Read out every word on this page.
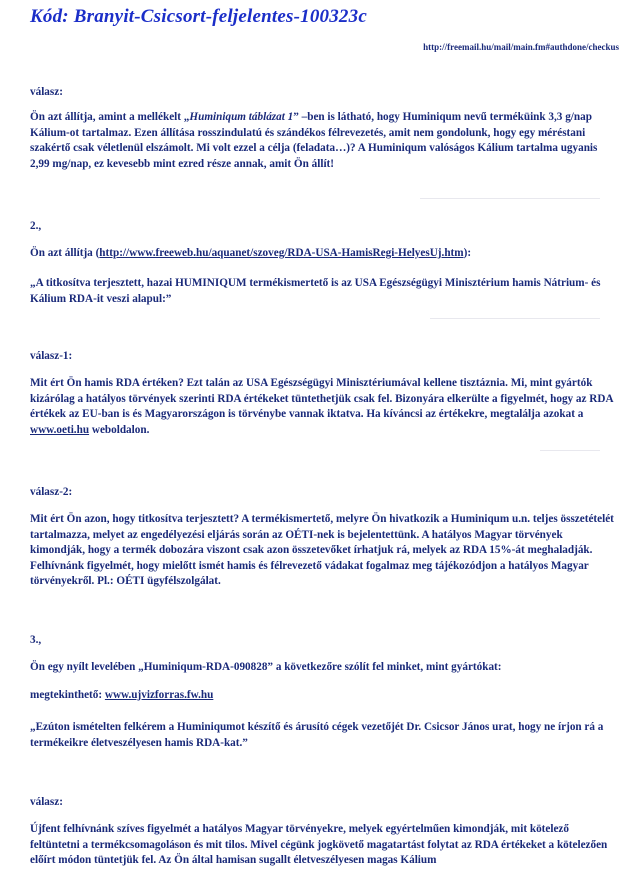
Kód: Branyit-Csicsort-feljelentes-100323c
http://freemail.hu/mail/main.fm#authdone/checkus
válasz:
Ön azt állítja, amint a mellékelt „Huminiqum táblázat 1” –ben is látható, hogy Huminiqum nevű terméküink 3,3 g/nap Kálium-ot tartalmaz. Ezen állítása rosszindulatú és szándékos félrevezetés, amit nem gondolunk, hogy egy méréstani szakértő csak véletlenül elszámolt. Mi volt ezzel a célja (feladata…)? A Huminiqum valóságos Kálium tartalma ugyanis 2,99 mg/nap, ez kevesebb mint ezred része annak, amit Ön állít!
2.,
Ön azt állítja (http://www.freeweb.hu/aquanet/szoveg/RDA-USA-HamisRegi-HelyesUj.htm):
„A titkosítva terjesztett, hazai HUMINIQUM termékismertető is az USA Egészségügyi Minisztérium hamis Nátrium- és Kálium RDA-it veszi alapul:”
válasz-1:
Mit ért Ön hamis RDA értéken? Ezt talán az USA Egészségügyi Minisztériumával kellene tisztáznia. Mi, mint gyártók kizárólag a hatályos törvények szerinti RDA értékeket tüntethetjük csak fel. Bizonyára elkerülte a figyelmét, hogy az RDA értékek az EU-ban is és Magyarországon is törvénybe vannak iktatva. Ha kíváncsi az értékekre, megtalálja azokat a www.oeti.hu weboldalon.
válasz-2:
Mit ért Ön azon, hogy titkosítva terjesztett? A termékismertető, melyre Ön hivatkozik a Huminiqum u.n. teljes összetételét tartalmazza, melyet az engedélyezési eljárás során az OÉTI-nek is bejelentettünk. A hatályos Magyar törvények kimondják, hogy a termék dobozára viszont csak azon összetevőket írhatjuk rá, melyek az RDA 15%-át meghaladják. Felhívnánk figyelmét, hogy mielőtt ismét hamis és félrevezető vádakat fogalmaz meg tájékozódjon a hatályos Magyar törvényekről. Pl.: OÉTI ügyfélszolgálat.
3.,
Ön egy nyílt levelében „Huminiqum-RDA-090828” a következőre szólít fel minket, mint gyártókat:
megtekinthető: www.ujvizforras.fw.hu
„Ezúton ismételten felkérem a Huminiqumot készítő és árusító cégek vezetőjét Dr. Csicsor János urat, hogy ne írjon rá a termékeikre életveszélyesen hamis RDA-kat.”
válasz:
Újfent felhívnánk szíves figyelmét a hatályos Magyar törvényekre, melyek egyértelműen kimondják, mit kötelező feltüntetni a termékcsomagoláson és mit tilos. Mivel cégünk jogkövető magatartást folytat az RDA értékeket a kötelezően előírt módon tüntetjük fel. Az Ön által hamisan sugallt életveszélyesen magas Kálium
